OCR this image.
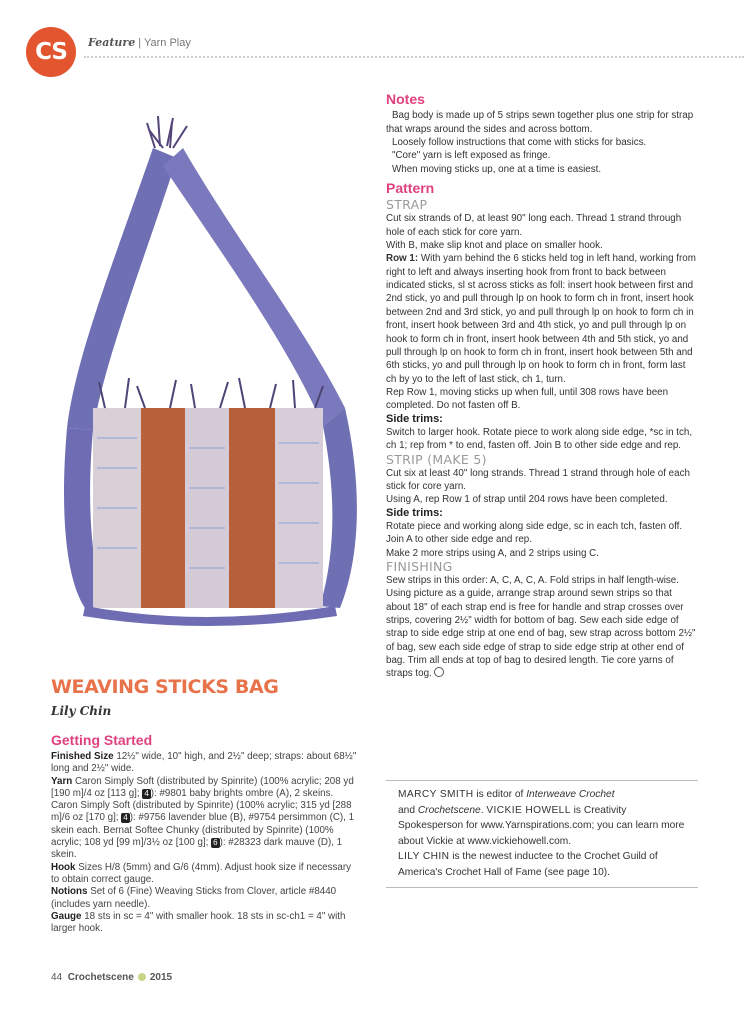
CS	Feature | Yarn Play
WEAVING STICKS BAG
Lily Chin
Getting Started

Finished Size 12½" wide, 10" high, and 2½" deep; straps: about 68½" long and 2½" wide.

Yarn Caron Simply Soft (distributed by Spinrite) (100% acrylic; 208 yd [190 m]/4 oz [113 g]; 4 ): #9801 baby brights ombre (A), 2 skeins. Caron Simply Soft (distributed by Spinrite) (100% acrylic; 315 yd [288 m]/6 oz [170 g]; 4 ): #9756 lavender blue (B), #9754 persimmon (C), 1 skein each. Bernat Softee Chunky (distributed by Spinrite) (100% acrylic; 108 yd [99 m]/3½ oz [100 g]; 6 ): #28323 dark mauve (D), 1 skein.

Hook Sizes H/8 (5mm) and G/6 (4mm). Adjust hook size if necessary to obtain correct gauge.

Notions Set of 6 (Fine) Weaving Sticks from Clover, article #8440 (includes yarn needle).

Gauge 18 sts in sc = 4" with smaller hook. 18 sts in sc-ch1 = 4" with larger hook.

Notes

Bag body is made up of 5 strips sewn together plus one strip for strap that wraps around the sides and across bottom.

Loosely follow instructions that come with sticks for basics.

"Core" yarn is left exposed as fringe.

When moving sticks up, one at a time is easiest.

Pattern
STRAP

Cut six strands of D, at least 90" long each. Thread 1 strand through hole of each stick for core yarn.

With B, make slip knot and place on smaller hook.

Row 1: With yarn behind the 6 sticks held tog in left hand, working from right to left and always inserting hook from front to back between indicated sticks, sl st across sticks as foll: insert hook between first and 2nd stick, yo and pull through lp on hook to form ch in front, insert hook between 2nd and 3rd stick, yo and pull through lp on hook to form ch in front, insert hook between 3rd and 4th stick, yo and pull through lp on hook to form ch in front, insert hook between 4th and 5th stick, yo and pull through lp on hook to form ch in front, insert hook between 5th and 6th sticks, yo and pull through lp on hook to form ch in front, form last ch by yo to the left of last stick, ch 1, turn.

Rep Row 1, moving sticks up when full, until 308 rows have been completed. Do not fasten off B.

Side trims:

Switch to larger hook. Rotate piece to work along side edge, *sc in tch, ch 1; rep from * to end, fasten off. Join B to other side edge and rep.

STRIP (MAKE 5)

Cut six at least 40" long strands. Thread 1 strand through hole of each stick for core yarn.

Using A, rep Row 1 of strap until 204 rows have been completed.

Side trims:

Rotate piece and working along side edge, sc in each tch, fasten off. Join A to other side edge and rep.

Make 2 more strips using A, and 2 strips using C.

FINISHING

Sew strips in this order: A, C, A, C, A. Fold strips in half length-wise. Using picture as a guide, arrange strap around sewn strips so that about 18" of each strap end is free for handle and strap crosses over strips, covering 2½" width for bottom of bag. Sew each side edge of strap to side edge strip at one end of bag, sew strap across bottom 2½" of bag, sew each side edge of strap to side edge strip at other end of bag. Trim all ends at top of bag to desired length. Tie core yarns of straps tog.

MARCY SMITH is editor of Interweave Crochet
and Crochetscene. VICKIE HOWELL is Creativity Spokesperson for www.Yarnspirations.com; you can learn more about Vickie at www.vickiehowell.com.
LILY CHIN is the newest inductee to the Crochet Guild of America's Crochet Hall of Fame (see page 10).
44 Crochetscene 2015
